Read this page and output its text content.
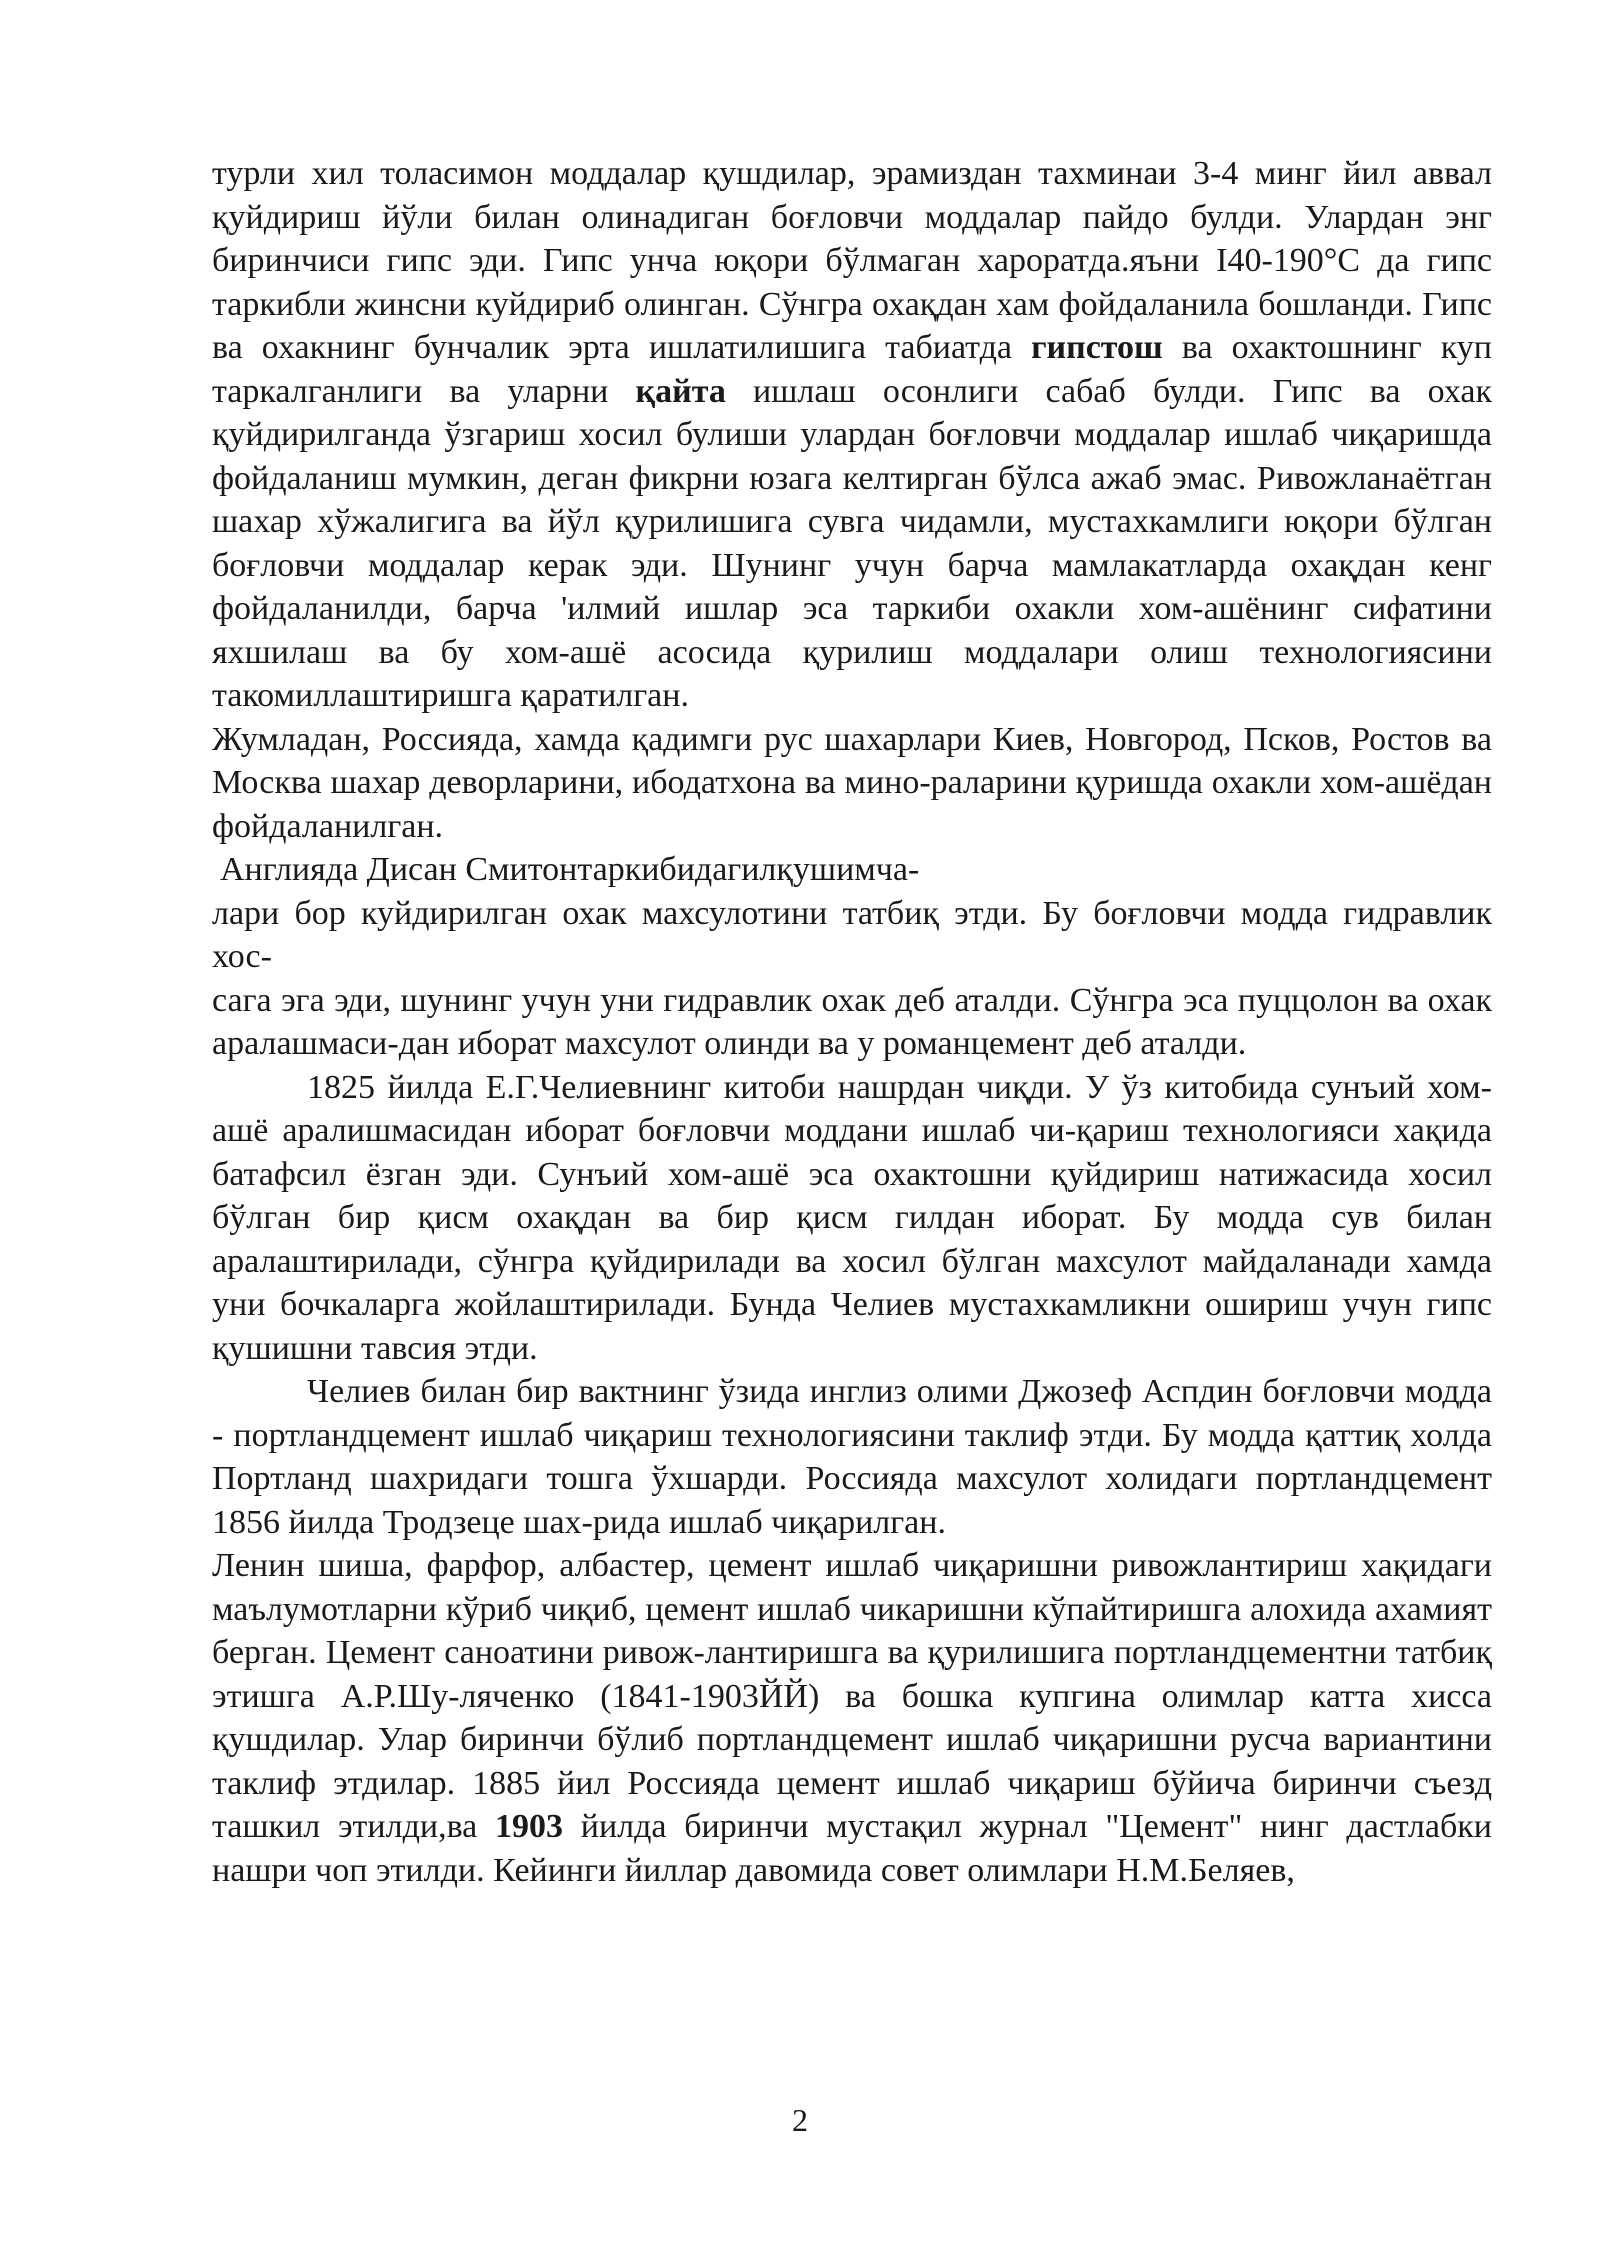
турли хил толасимон моддалар қушдилар, эрамиздан тахминаи 3-4 минг йил аввал қуйдириш йўли билан олинадиган боғловчи моддалар пайдо булди. Улардан энг биринчиси гипс эди. Гипс унча юқори бўлмаган хароратда.яъни I40-190°С да гипс таркибли жинсни куйдириб олинган. Сўнгра охақдан хам фойдаланила бошланди. Гипс ва охакнинг бунчалик эрта ишлатилишига табиатда гипстош ва охактошнинг куп таркалганлиги ва уларни қайта ишлаш осонлиги сабаб булди. Гипс ва охак қуйдирилганда ўзгариш хосил булиши улардан боғловчи моддалар ишлаб чиқаришда фойдаланиш мумкин, деган фикрни юзага келтирган бўлса ажаб эмас. Ривожланаётган шахар хўжалигига ва йўл қурилишига сувга чидамли, мустахкамлиги юқори бўлган боғловчи моддалар керак эди. Шунинг учун барча мамлакатларда охақдан кенг фойдаланилди, барча 'илмий ишлар эса таркиби охакли хом-ашёнинг сифатини яхшилаш ва бу хом-ашё асосида қурилиш моддалари олиш технологиясини такомиллаштиришга қаратилган.

Жумладан, Россияда, хамда қадимги рус шахарлари Киев, Новгород, Псков, Ростов ва Москва шахар деворларини, ибодатхона ва мино-раларини қуришда охакли хом-ашёдан фойдаланилган.

Англияда Дисан Смитонтаркибидагилқушимча-

лари бор куйдирилган охак махсулотини татбиқ этди. Бу боғловчи модда гидравлик хос-

сага эга эди, шунинг учун уни гидравлик охак деб аталди. Сўнгра эса пуццолон ва охак аралашмаси-дан иборат махсулот олинди ва у романцемент деб аталди.

1825 йилда Е.Г.Челиевнинг китоби нашрдан чиқди. У ўз китобида сунъий хом-ашё аралишмасидан иборат боғловчи моддани ишлаб чи-қариш технологияси хақида батафсил ёзган эди. Сунъий хом-ашё эса охактошни қуйдириш натижасида хосил бўлган бир қисм охақдан ва бир қисм гилдан иборат. Бу модда сув билан аралаштирилади, сўнгра қуйдирилади ва хосил бўлган махсулот майдаланади хамда уни бочкаларга жойлаштирилади. Бунда Челиев мустахкамликни ошириш учун гипс қушишни тавсия этди.

Челиев билан бир вактнинг ўзида инглиз олими Джозеф Аспдин боғловчи модда - портландцемент ишлаб чиқариш технологиясини таклиф этди. Бу модда қаттиқ холда Портланд шахридаги тошга ўхшарди. Россияда махсулот холидаги портландцемент 1856 йилда Тродзеце шах-рида ишлаб чиқарилган.

Ленин шиша, фарфор, албастер, цемент ишлаб чиқаришни ривожлантириш хақидаги маълумотларни кўриб чиқиб, цемент ишлаб чикаришни кўпайтиришга алохида ахамият берган. Цемент саноатини ривож-лантиришга ва қурилишига портландцементни татбиқ этишга А.Р.Шу-ляченко (1841-1903ЙЙ) ва бошка купгина олимлар катта хисса қушдилар. Улар биринчи бўлиб портландцемент ишлаб чиқаришни русча вариантини таклиф этдилар. 1885 йил Россияда цемент ишлаб чиқариш бўйича биринчи съезд ташкил этилди,ва 1903 йилда биринчи мустақил журнал "Цемент" нинг дастлабки нашри чоп этилди. Кейинги йиллар давомида совет олимлари Н.М.Беляев,

2
